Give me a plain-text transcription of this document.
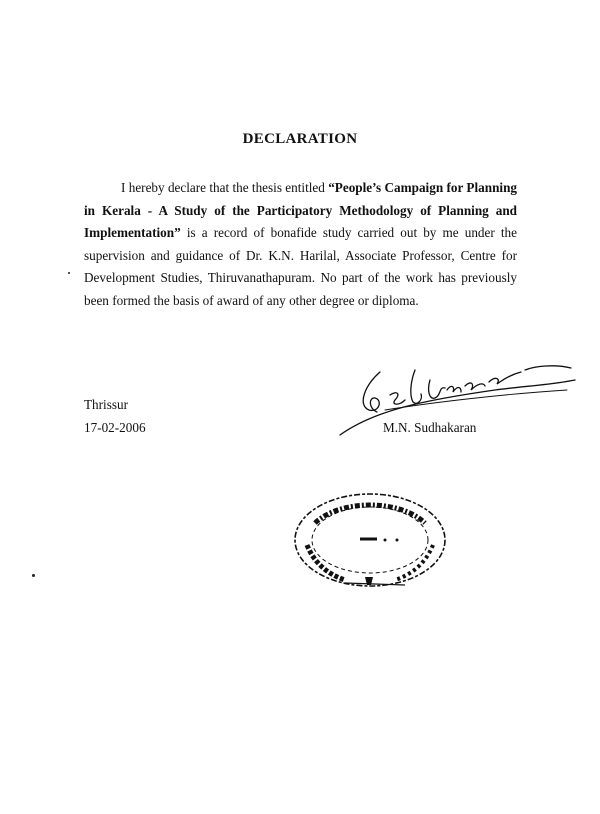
DECLARATION
I hereby declare that the thesis entitled “People’s Campaign for Planning in Kerala - A Study of the Participatory Methodology of Planning and Implementation” is a record of bonafide study carried out by me under the supervision and guidance of Dr. K.N. Harilal, Associate Professor, Centre for Development Studies, Thiruvanathapuram. No part of the work has previously been formed the basis of award of any other degree or diploma.
Thrissur
17-02-2006	M.N. Sudhakaran
